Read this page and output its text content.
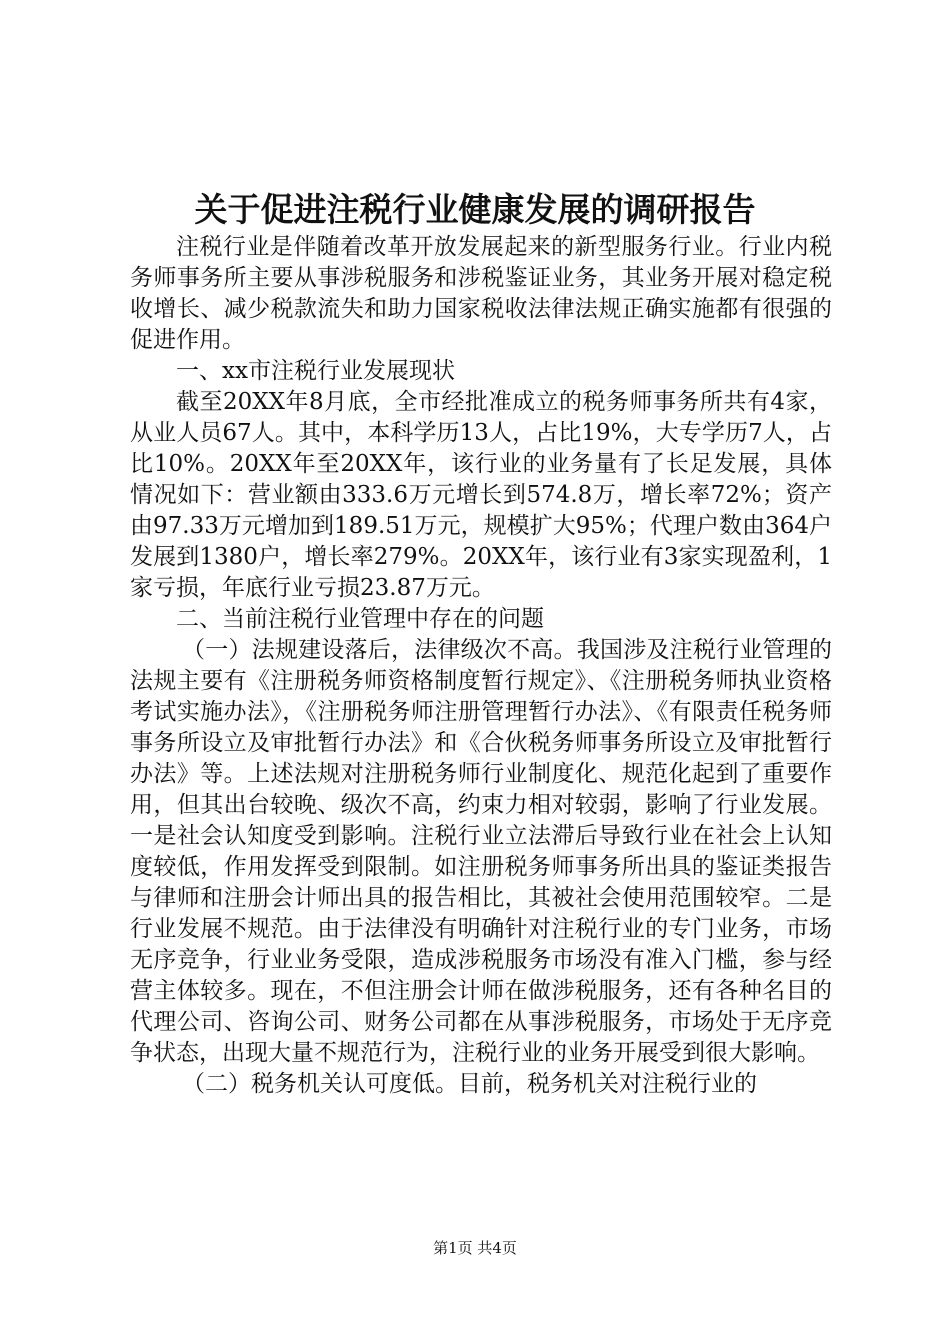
关于促进注税行业健康发展的调研报告

注税行业是伴随着改革开放发展起来的新型服务行业。行业内税务师事务所主要从事涉税服务和涉税鉴证业务，其业务开展对稳定税收增长、减少税款流失和助力国家税收法律法规正确实施都有很强的促进作用。

一、xx市注税行业发展现状

截至20XX年8月底，全市经批准成立的税务师事务所共有4家，从业人员67人。其中，本科学历13人，占比19%，大专学历7人，占比10%。20XX年至20XX年，该行业的业务量有了长足发展，具体情况如下：营业额由333.6万元增长到574.8万，增长率72%；资产由97.33万元增加到189.51万元，规模扩大95%；代理户数由364户发展到1380户，增长率279%。20XX年，该行业有3家实现盈利，1家亏损，年底行业亏损23.87万元。

二、当前注税行业管理中存在的问题

（一）法规建设落后，法律级次不高。我国涉及注税行业管理的法规主要有《注册税务师资格制度暂行规定》、《注册税务师执业资格考试实施办法》，《注册税务师注册管理暂行办法》、《有限责任税务师事务所设立及审批暂行办法》和《合伙税务师事务所设立及审批暂行办法》等。上述法规对注册税务师行业制度化、规范化起到了重要作用，但其出台较晚、级次不高，约束力相对较弱，影响了行业发展。一是社会认知度受到影响。注税行业立法滞后导致行业在社会上认知度较低，作用发挥受到限制。如注册税务师事务所出具的鉴证类报告与律师和注册会计师出具的报告相比，其被社会使用范围较窄。二是行业发展不规范。由于法律没有明确针对注税行业的专门业务，市场无序竞争，行业业务受限，造成涉税服务市场没有准入门槛，参与经营主体较多。现在，不但注册会计师在做涉税服务，还有各种名目的代理公司、咨询公司、财务公司都在从事涉税服务，市场处于无序竞争状态，出现大量不规范行为，注税行业的业务开展受到很大影响。

（二）税务机关认可度低。目前，税务机关对注税行业的

第1页 共4页
